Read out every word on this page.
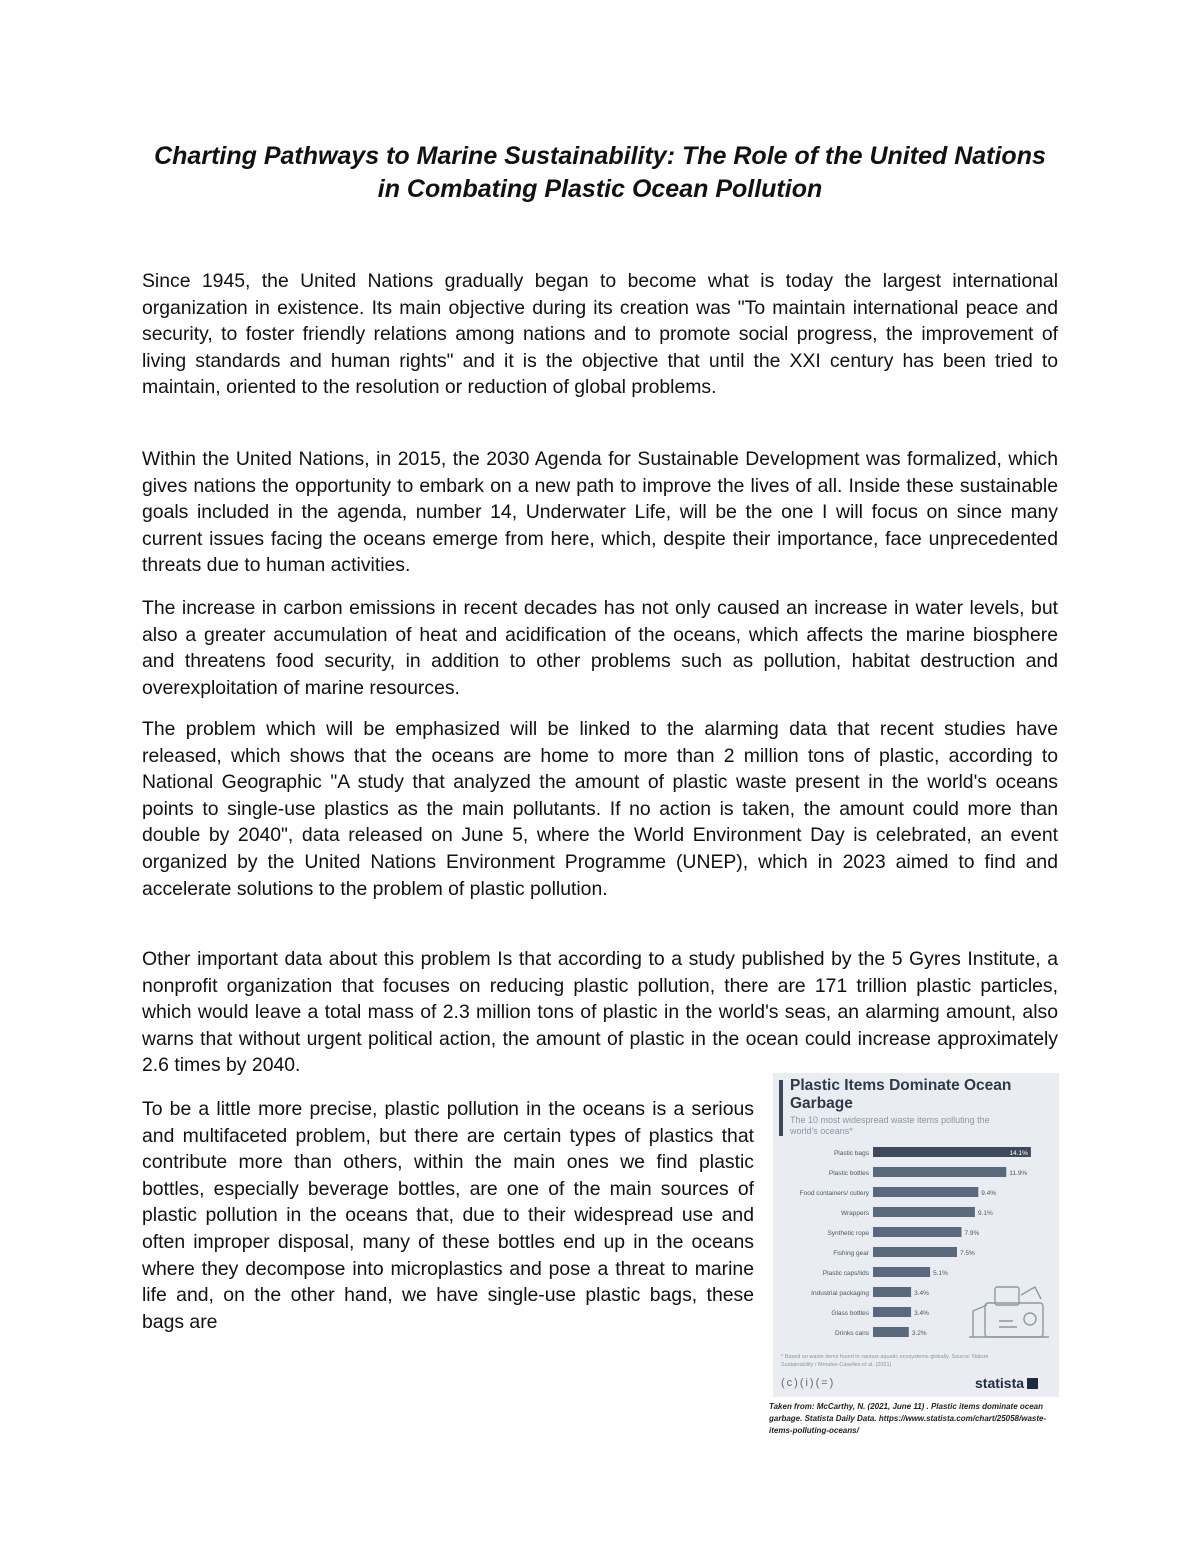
Charting Pathways to Marine Sustainability: The Role of the United Nations in Combating Plastic Ocean Pollution

Since 1945, the United Nations gradually began to become what is today the largest international organization in existence. Its main objective during its creation was "To maintain international peace and security, to foster friendly relations among nations and to promote social progress, the improvement of living standards and human rights" and it is the objective that until the XXI century has been tried to maintain, oriented to the resolution or reduction of global problems.

Within the United Nations, in 2015, the 2030 Agenda for Sustainable Development was formalized, which gives nations the opportunity to embark on a new path to improve the lives of all. Inside these sustainable goals included in the agenda, number 14, Underwater Life, will be the one I will focus on since many current issues facing the oceans emerge from here, which, despite their importance, face unprecedented threats due to human activities.

The increase in carbon emissions in recent decades has not only caused an increase in water levels, but also a greater accumulation of heat and acidification of the oceans, which affects the marine biosphere and threatens food security, in addition to other problems such as pollution, habitat destruction and overexploitation of marine resources.

The problem which will be emphasized will be linked to the alarming data that recent studies have released, which shows that the oceans are home to more than 2 million tons of plastic, according to National Geographic "A study that analyzed the amount of plastic waste present in the world's oceans points to single-use plastics as the main pollutants. If no action is taken, the amount could more than double by 2040", data released on June 5, where the World Environment Day is celebrated, an event organized by the United Nations Environment Programme (UNEP), which in 2023 aimed to find and accelerate solutions to the problem of plastic pollution.

Other important data about this problem Is that according to a study published by the 5 Gyres Institute, a nonprofit organization that focuses on reducing plastic pollution, there are 171 trillion plastic particles, which would leave a total mass of 2.3 million tons of plastic in the world's seas, an alarming amount, also warns that without urgent political action, the amount of plastic in the ocean could increase approximately 2.6 times by 2040.

To be a little more precise, plastic pollution in the oceans is a serious and multifaceted problem, but there are certain types of plastics that contribute more than others, within the main ones we find plastic bottles, especially beverage bottles, are one of the main sources of plastic pollution in the oceans that, due to their widespread use and often improper disposal, many of these bottles end up in the oceans where they decompose into microplastics and pose a threat to marine life and, on the other hand, we have single-use plastic bags, these bags are

Plastic Items Dominate Ocean Garbage

The 10 most widespread waste items polluting the world's oceans*

Plastic bags	14.1%
Plastic bottles	11.9%
Food containers/ cutlery	9.4%
Wrappers	9.1%
Synthetic rope	7.9%
Fishing gear	7.5%
Plastic caps/lids	5.1%
Industrial packaging	3.4%
Glass bottles	3.4%
Drinks cans	3.2%

* Based on waste items found in various aquatic ecosystems globally. Source: Nature Sustainability / Morales-Caselles et al. (2021)

(c)(i)(=)	statista

Taken from: McCarthy, N. (2021, June 11) . Plastic items dominate ocean garbage. Statista Daily Data. https://www.statista.com/chart/25058/waste-items-polluting-oceans/
